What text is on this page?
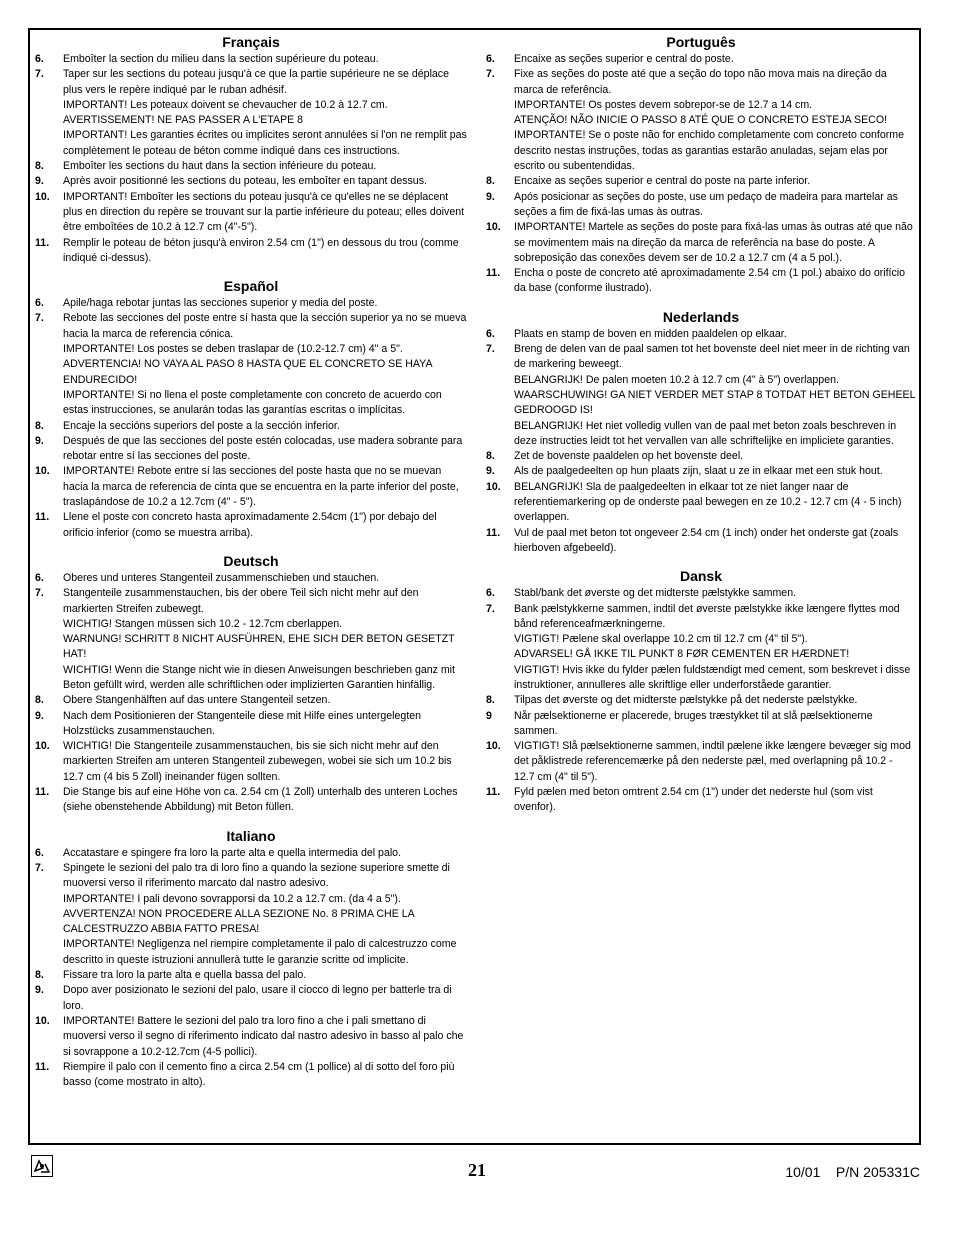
Français
6.	Emboîter la section du milieu dans la section supérieure du poteau.
7.	Taper sur les sections du poteau jusqu'à ce que la partie supérieure ne se déplace plus vers le repère indiqué par le ruban adhésif.
IMPORTANT! Les poteaux doivent se chevaucher de 10.2 à 12.7 cm.
AVERTISSEMENT! NE PAS PASSER A L'ETAPE 8
IMPORTANT! Les garanties écrites ou implicites seront annulées si l'on ne remplit pas complètement le poteau de béton comme indiqué dans ces instructions.
8.	Emboîter les sections du haut dans la section inférieure du poteau.
9.	Après avoir positionné les sections du poteau, les emboîter en tapant dessus.
10.	IMPORTANT! Emboîter les sections du poteau jusqu'à ce qu'elles ne se déplacent plus en direction du repère se trouvant sur la partie inférieure du poteau; elles doivent être emboîtées de 10.2 à 12.7 cm (4"-5").
11.	Remplir le poteau de béton jusqu'à environ 2.54 cm (1") en dessous du trou (comme indiqué ci-dessus).
Español
6.	Apile/haga rebotar juntas las secciones superior y media del poste.
7.	Rebote las secciones del poste entre sí hasta que la sección superior ya no se mueva hacia la marca de referencia cónica.
IMPORTANTE! Los postes se deben traslapar de (10.2-12.7 cm) 4" a 5".
ADVERTENCIA! NO VAYA AL PASO 8 HASTA QUE EL CONCRETO SE HAYA ENDURECIDO!
IMPORTANTE! Si no llena el poste completamente con concreto de acuerdo con estas instrucciones, se anularán todas las garantías escritas o implícitas.
8.	Encaje la seccións superiors del poste a la sección inferior.
9.	Después de que las secciones del poste estén colocadas, use madera sobrante para rebotar entre sí las secciones del poste.
10.	IMPORTANTE! Rebote entre sí las secciones del poste hasta que no se muevan hacia la marca de referencia de cinta que se encuentra en la parte inferior del poste, traslapándose de 10.2 a 12.7cm (4" - 5").
11.	Llene el poste con concreto hasta aproximadamente 2.54cm (1") por debajo del orificio inferior (como se muestra arriba).
Deutsch
6.	Oberes und unteres Stangenteil zusammenschieben und stauchen.
7.	Stangenteile zusammenstauchen, bis der obere Teil sich nicht mehr auf den markierten Streifen zubewegt.
WICHTIG! Stangen müssen sich 10.2 - 12.7cm cberlappen.
WARNUNG! SCHRITT 8 NICHT AUSFÜHREN, EHE SICH DER BETON GESETZT HAT!
WICHTIG! Wenn die Stange nicht wie in diesen Anweisungen beschrieben ganz mit Beton gefüllt wird, werden alle schriftlichen oder implizierten Garantien hinfällig.
8.	Obere Stangenhälften auf das untere Stangenteil setzen.
9.	Nach dem Positionieren der Stangenteile diese mit Hilfe eines untergelegten Holzstücks zusammenstauchen.
10.	WICHTIG! Die Stangenteile zusammenstauchen, bis sie sich nicht mehr auf den markierten Streifen am unteren Stangenteil zubewegen, wobei sie sich um 10.2 bis 12.7 cm (4 bis 5 Zoll) ineinander fügen sollten.
11.	Die Stange bis auf eine Höhe von ca. 2.54 cm (1 Zoll) unterhalb des unteren Loches (siehe obenstehende Abbildung) mit Beton füllen.
Italiano
6.	Accatastare e spingere fra loro la parte alta e quella intermedia del palo.
7.	Spingete le sezioni del palo tra di loro fino a quando la sezione superiore smette di muoversi verso il riferimento marcato dal nastro adesivo.
IMPORTANTE! I pali devono sovrapporsi da 10.2 a 12.7 cm. (da 4 a 5").
AVVERTENZA! NON PROCEDERE ALLA SEZIONE No. 8 PRIMA CHE LA CALCESTRUZZO ABBIA FATTO PRESA!
IMPORTANTE! Negligenza nel riempire completamente il palo di calcestruzzo come descritto in queste istruzioni annullerà tutte le garanzie scritte od implicite.
8.	Fissare tra loro la parte alta e quella bassa del palo.
9.	Dopo aver posizionato le sezioni del palo, usare il ciocco di legno per batterle tra di loro.
10.	IMPORTANTE! Battere le sezioni del palo tra loro fino a che i pali smettano di muoversi verso il segno di riferimento indicato dal nastro adesivo in basso al palo che si sovrappone a 10.2-12.7cm (4-5 pollici).
11.	Riempire il palo con il cemento fino a circa 2.54 cm (1 pollice) al di sotto del foro più basso (come mostrato in alto).
Português
6.	Encaixe as seções superior e central do poste.
7.	Fixe as seções do poste até que a seção do topo não mova mais na direção da marca de referência.
IMPORTANTE! Os postes devem sobrepor-se de 12.7 a 14 cm.
ATENÇÃO! NÃO INICIE O PASSO 8 ATÉ QUE O CONCRETO ESTEJA SECO!
IMPORTANTE! Se o poste não for enchido completamente com concreto conforme descrito nestas instruções, todas as garantias estarão anuladas, sejam elas por escrito ou subentendidas.
8.	Encaixe as seções superior e central do poste na parte inferior.
9.	Após posicionar as seções do poste, use um pedaço de madeira para martelar as seções a fim de fixá-las umas às outras.
10.	IMPORTANTE! Martele as seções do poste para fixá-las umas às outras até que não se movimentem mais na direção da marca de referência na base do poste. A sobreposição das conexões devem ser de 10.2 a 12.7 cm (4 a 5 pol.).
11.	Encha o poste de concreto até aproximadamente 2.54 cm (1 pol.) abaixo do orifício da base (conforme ilustrado).
Nederlands
6.	Plaats en stamp de boven en midden paaldelen op elkaar.
7.	Breng de delen van de paal samen tot het bovenste deel niet meer in de richting van de markering beweegt.
BELANGRIJK! De palen moeten 10.2 à 12.7 cm (4" à 5") overlappen.
WAARSCHUWING! GA NIET VERDER MET STAP 8 TOTDAT HET BETON GEHEEL GEDROOGD IS!
BELANGRIJK! Het niet volledig vullen van de paal met beton zoals beschreven in deze instructies leidt tot het vervallen van alle schriftelijke en impliciete garanties.
8.	Zet de bovenste paaldelen op het bovenste deel.
9.	Als de paalgedeelten op hun plaats zijn, slaat u ze in elkaar met een stuk hout.
10.	BELANGRIJK! Sla de paalgedeelten in elkaar tot ze niet langer naar de referentiemarkering op de onderste paal bewegen en ze 10.2 - 12.7 cm (4 - 5 inch) overlappen.
11.	Vul de paal met beton tot ongeveer 2.54 cm (1 inch) onder het onderste gat (zoals hierboven afgebeeld).
Dansk
6.	Stabl/bank det øverste og det midterste pælstykke sammen.
7.	Bank pælstykkerne sammen, indtil det øverste pælstykke ikke længere flyttes mod bånd referenceafmærkningerne.
VIGTIGT! Pælene skal overlappe 10.2 cm til 12.7 cm (4" til 5").
ADVARSEL! GÅ IKKE TIL PUNKT 8 FØR CEMENTEN ER HÆRDNET!
VIGTIGT! Hvis ikke du fylder pælen fuldstændigt med cement, som beskrevet i disse instruktioner, annulleres alle skriftlige eller underforståede garantier.
8.	Tilpas det øverste og det midterste pælstykke på det nederste pælstykke.
9	Når pælsektionerne er placerede, bruges træstykket til at slå pælsektionerne sammen.
10.	VIGTIGT! Slå pælsektionerne sammen, indtil pælene ikke længere bevæger sig mod det påklistrede referencemærke på den nederste pæl, med overlapning på 10.2 - 12.7 cm (4" til 5").
11.	Fyld pælen med beton omtrent 2.54 cm (1") under det nederste hul (som vist ovenfor).
21	10/01    P/N 205331C
